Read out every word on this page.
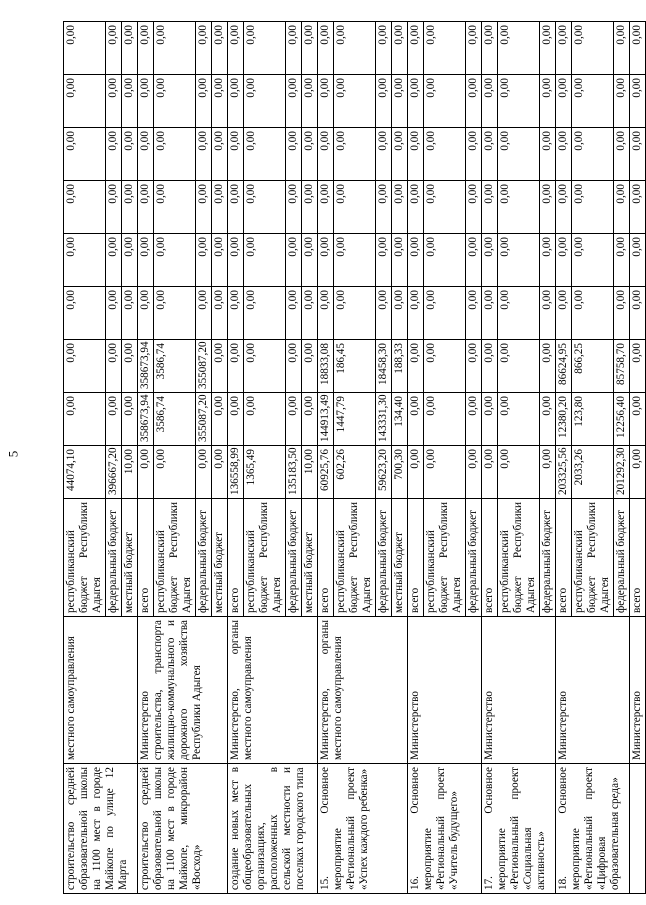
5
строительство средней образовательной школы на 1100 мест в городе Майкопе по улице 12 Марта	местного самоуправления	республиканский бюджет Республики Адыгея	44074,10	0,00	0,00	0,00	0,00	0,00	0,00	0,00	0,00
		федеральный бюджет	396667,20	0,00	0,00	0,00	0,00	0,00	0,00	0,00	0,00
		местный бюджет	10,00	0,00	0,00	0,00	0,00	0,00	0,00	0,00	0,00
строительство средней образовательной школы на 1100 мест в городе Майкопе, микрорайон «Восход»	Министерство строительства, транспорта жилищно-коммунального и дорожного хозяйства Республики Адыгея	всего	0,00	358673,94	358673,94	0,00	0,00	0,00	0,00	0,00	0,00
		республиканский бюджет Республики Адыгея	0,00	3586,74	3586,74	0,00	0,00	0,00	0,00	0,00	0,00
		федеральный бюджет	0,00	355087,20	355087,20	0,00	0,00	0,00	0,00	0,00	0,00
		местный бюджет	0,00	0,00	0,00	0,00	0,00	0,00	0,00	0,00	0,00
создание новых мест в общеобразовательных организациях, расположенных в сельской местности и поселках городского типа	Министерство, органы местного самоуправления	всего	136558,99	0,00	0,00	0,00	0,00	0,00	0,00	0,00	0,00
		республиканский бюджет Республики Адыгея	1365,49	0,00	0,00	0,00	0,00	0,00	0,00	0,00	0,00
		федеральный бюджет	135183,50	0,00	0,00	0,00	0,00	0,00	0,00	0,00	0,00
		местный бюджет	10,00	0,00	0,00	0,00	0,00	0,00	0,00	0,00	0,00
15. Основное мероприятие «Региональный проект «Успех каждого ребенка»	Министерство, органы местного самоуправления	всего	60925,76	144913,49	18833,08	0,00	0,00	0,00	0,00	0,00	0,00
		республиканский бюджет Республики Адыгея	602,26	1447,79	186,45	0,00	0,00	0,00	0,00	0,00	0,00
		федеральный бюджет	59623,20	143331,30	18458,30	0,00	0,00	0,00	0,00	0,00	0,00
		местный бюджет	700,30	134,40	188,33	0,00	0,00	0,00	0,00	0,00	0,00
16. Основное мероприятие «Региональный проект «Учитель будущего»	Министерство	всего	0,00	0,00	0,00	0,00	0,00	0,00	0,00	0,00	0,00
		республиканский бюджет Республики Адыгея	0,00	0,00	0,00	0,00	0,00	0,00	0,00	0,00	0,00
		федеральный бюджет	0,00	0,00	0,00	0,00	0,00	0,00	0,00	0,00	0,00
17. Основное мероприятие «Региональный проект «Социальная активность»	Министерство	всего	0,00	0,00	0,00	0,00	0,00	0,00	0,00	0,00	0,00
		республиканский бюджет Республики Адыгея	0,00	0,00	0,00	0,00	0,00	0,00	0,00	0,00	0,00
		федеральный бюджет	0,00	0,00	0,00	0,00	0,00	0,00	0,00	0,00	0,00
18. Основное мероприятие «Региональный проект «Цифровая образовательная среда»	Министерство	всего	203325,56	12380,20	86624,95	0,00	0,00	0,00	0,00	0,00	0,00
		республиканский бюджет Республики Адыгея	2033,26	123,80	866,25	0,00	0,00	0,00	0,00	0,00	0,00
		федеральный бюджет	201292,30	12256,40	85758,70	0,00	0,00	0,00	0,00	0,00	0,00
	Министерство	всего	0,00	0,00	0,00	0,00	0,00	0,00	0,00	0,00	0,00
